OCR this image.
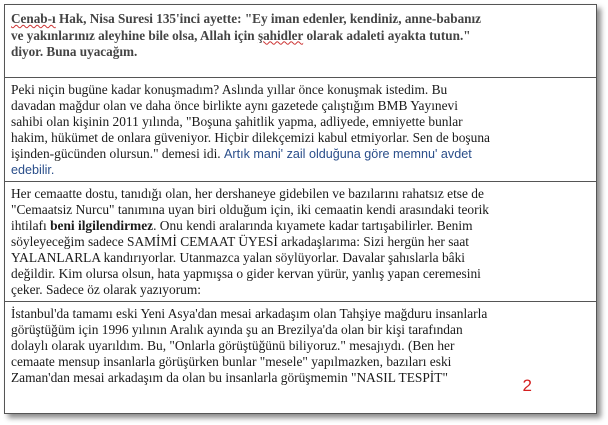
Cenab-ı Hak, Nisa Suresi 135'inci ayette: "Ey iman edenler, kendiniz, anne-babanız
ve yakınlarınız aleyhine bile olsa, Allah için şahidler olarak adaleti ayakta tutun."
diyor. Buna uyacağım.
Peki niçin bugüne kadar konuşmadım? Aslında yıllar önce konuşmak istedim. Bu
davadan mağdur olan ve daha önce birlikte aynı gazetede çalıştığım BMB Yayınevi
sahibi olan kişinin 2011 yılında, "Boşuna şahitlik yapma, adliyede, emniyette bunlar
hakim, hükümet de onlara güveniyor. Hiçbir dilekçemizi kabul etmiyorlar. Sen de boşuna
işinden-gücünden olursun." demesi idi. Artık mani' zail olduğuna göre memnu' avdet
edebilir.
Her cemaatte dostu, tanıdığı olan, her dershaneye gidebilen ve bazılarını rahatsız etse de
"Cemaatsiz Nurcu" tanımına uyan biri olduğum için, iki cemaatin kendi arasındaki teorik
ihtilafı beni ilgilendirmez. Onu kendi aralarında kıyamete kadar tartışabilirler. Benim
söyleyeceğim sadece SAMİMİ CEMAAT ÜYESİ arkadaşlarıma: Sizi hergün her saat
YALANLARLA kandırıyorlar. Utanmazca yalan söylüyorlar. Davalar şahıslarla bâki
değildir. Kim olursa olsun, hata yapmışsa o gider kervan yürür, yanlış yapan ceremesini
çeker. Sadece öz olarak yazıyorum:
İstanbul'da tamamı eski Yeni Asya'dan mesai arkadaşım olan Tahşiye mağduru insanlarla
görüştüğüm için 1996 yılının Aralık ayında şu an Brezilya'da olan bir kişi tarafından
dolaylı olarak uyarıldım. Bu, "Onlarla görüştüğünü biliyoruz." mesajıydı. (Ben her
cemaate mensup insanlarla görüşürken bunlar "mesele" yapılmazken, bazıları eski
Zaman'dan mesai arkadaşım da olan bu insanlarla görüşmemin "NASIL TESPİT"	2
